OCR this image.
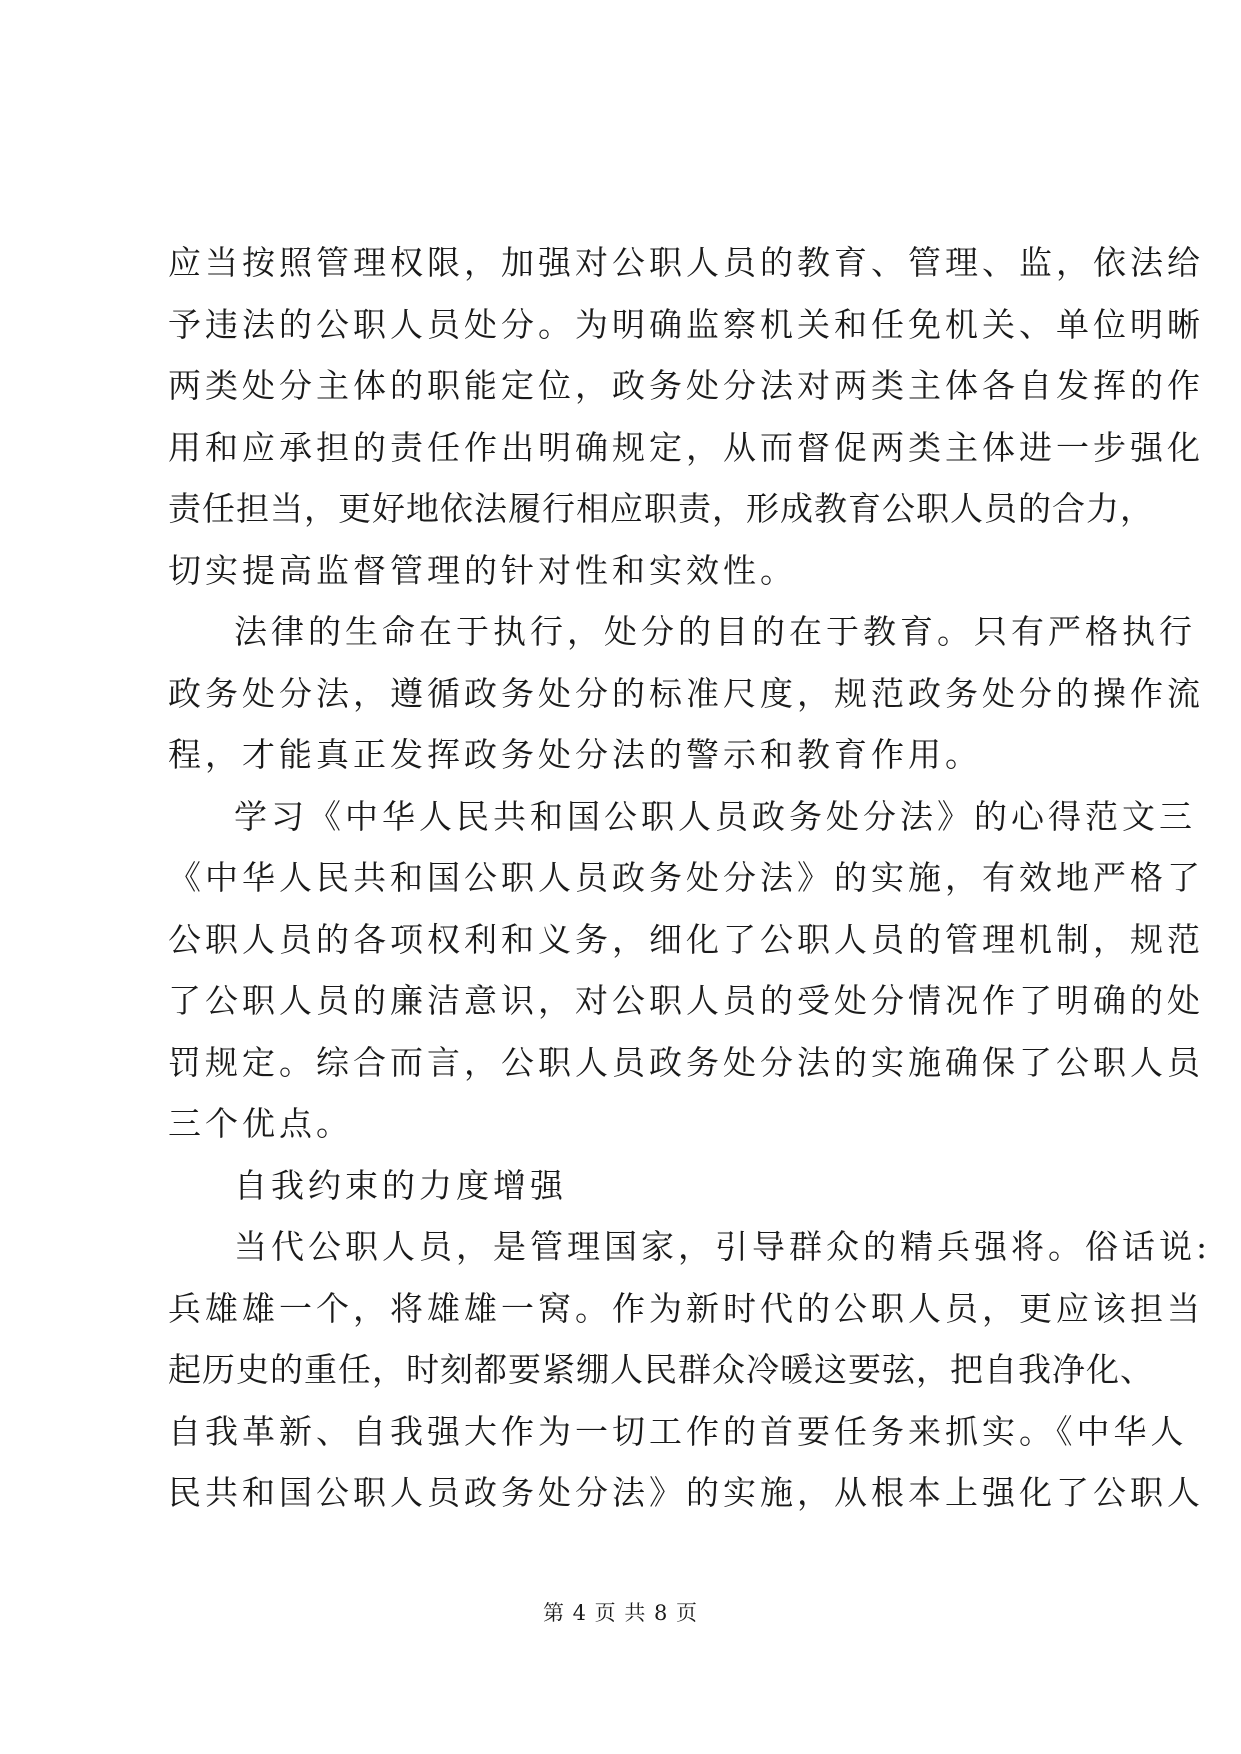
应当按照管理权限，加强对公职人员的教育、管理、监，依法给
予违法的公职人员处分。为明确监察机关和任免机关、单位明晰
两类处分主体的职能定位，政务处分法对两类主体各自发挥的作
用和应承担的责任作出明确规定，从而督促两类主体进一步强化
责任担当，更好地依法履行相应职责，形成教育公职人员的合力，
切实提高监督管理的针对性和实效性。
法律的生命在于执行，处分的目的在于教育。只有严格执行
政务处分法，遵循政务处分的标准尺度，规范政务处分的操作流
程，才能真正发挥政务处分法的警示和教育作用。
学习《中华人民共和国公职人员政务处分法》的心得范文三
《中华人民共和国公职人员政务处分法》的实施，有效地严格了
公职人员的各项权利和义务，细化了公职人员的管理机制，规范
了公职人员的廉洁意识，对公职人员的受处分情况作了明确的处
罚规定。综合而言，公职人员政务处分法的实施确保了公职人员
三个优点。
自我约束的力度增强
当代公职人员，是管理国家，引导群众的精兵强将。俗话说:
兵雄雄一个，将雄雄一窝。作为新时代的公职人员，更应该担当
起历史的重任，时刻都要紧绷人民群众冷暖这要弦，把自我净化、
自我革新、自我强大作为一切工作的首要任务来抓实。《中华人
民共和国公职人员政务处分法》的实施，从根本上强化了公职人
第 4 页 共 8 页
